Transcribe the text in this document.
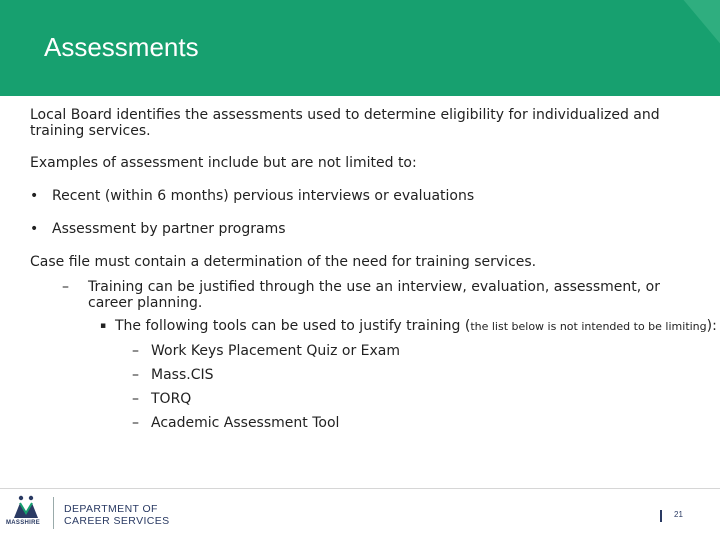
Assessments

Local Board identifies the assessments used to determine eligibility for individualized and training services.

Examples of assessment include but are not limited to:

• Recent (within 6 months) pervious interviews or evaluations
• Assessment by partner programs

Case file must contain a determination of the need for training services.

– Training can be justified through the use an interview, evaluation, assessment, or career planning.
▪ The following tools can be used to justify training (the list below is not intended to be limiting):
– Work Keys Placement Quiz or Exam
– Mass.CIS
– TORQ
– Academic Assessment Tool
MASSHIRE
DEPARTMENT OF
CAREER SERVICES
21
